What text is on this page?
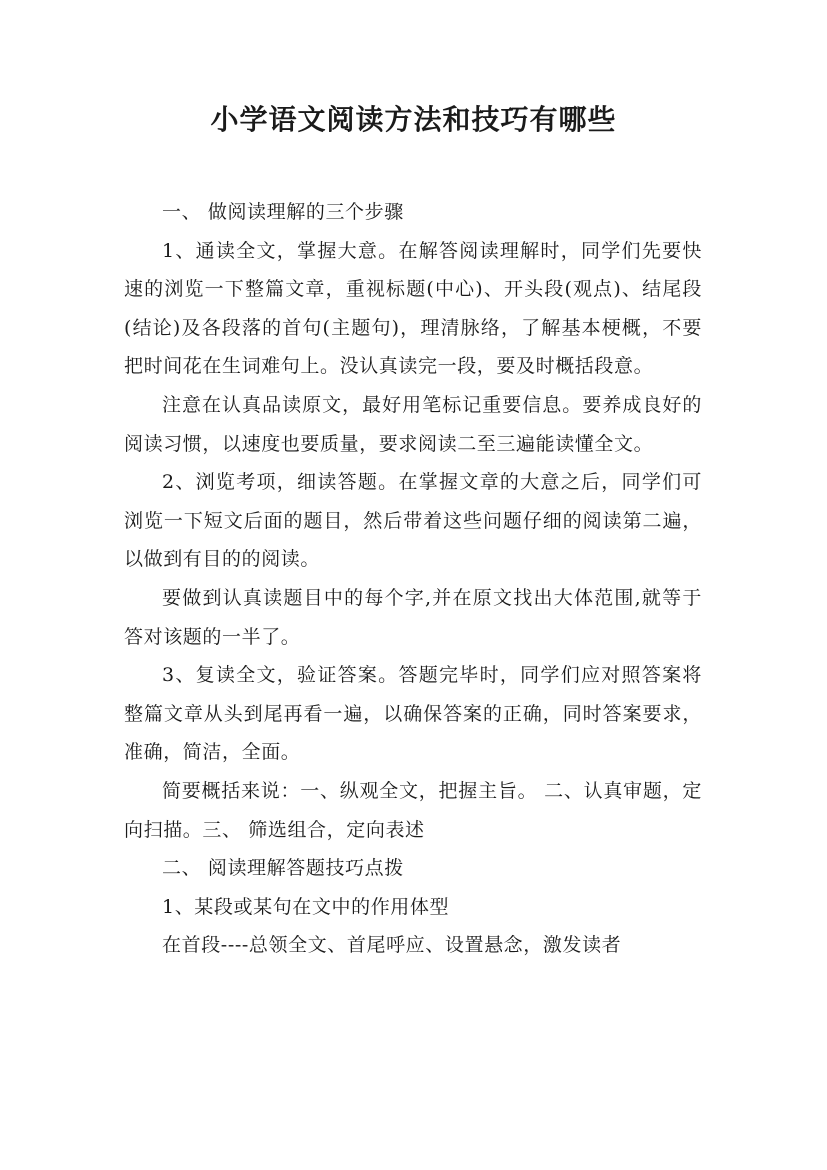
小学语文阅读方法和技巧有哪些

一、 做阅读理解的三个步骤

1、通读全文，掌握大意。在解答阅读理解时，同学们先要快速的浏览一下整篇文章，重视标题(中心)、开头段(观点)、结尾段(结论)及各段落的首句(主题句)，理清脉络，了解基本梗概，不要把时间花在生词难句上。没认真读完一段，要及时概括段意。

注意在认真品读原文，最好用笔标记重要信息。要养成良好的阅读习惯，以速度也要质量，要求阅读二至三遍能读懂全文。

2、浏览考项，细读答题。在掌握文章的大意之后，同学们可浏览一下短文后面的题目，然后带着这些问题仔细的阅读第二遍，以做到有目的的阅读。

要做到认真读题目中的每个字,并在原文找出大体范围,就等于答对该题的一半了。

3、复读全文，验证答案。答题完毕时，同学们应对照答案将整篇文章从头到尾再看一遍，以确保答案的正确，同时答案要求，准确，简洁，全面。

简要概括来说：一、纵观全文，把握主旨。 二、认真审题，定向扫描。三、 筛选组合，定向表述

二、 阅读理解答题技巧点拨

1、某段或某句在文中的作用体型

在首段----总领全文、首尾呼应、设置悬念，激发读者
